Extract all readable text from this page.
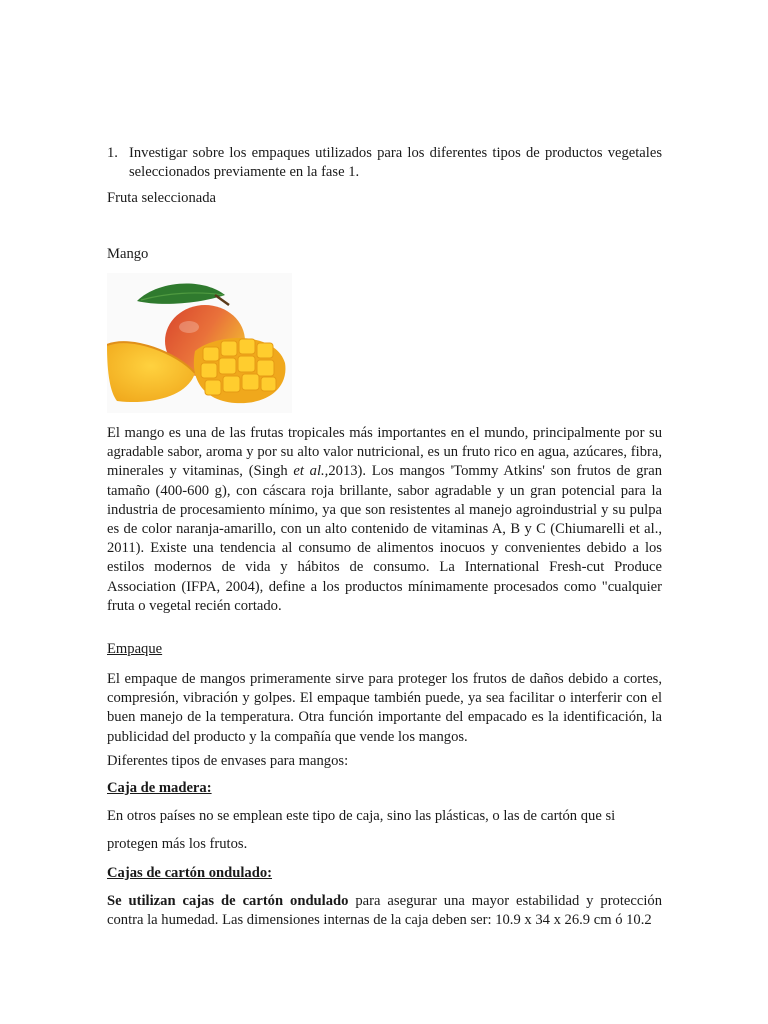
1. Investigar sobre los empaques utilizados para los diferentes tipos de productos vegetales seleccionados previamente en la fase 1.
Fruta seleccionada
Mango
El mango es una de las frutas tropicales más importantes en el mundo, principalmente por su agradable sabor, aroma y por su alto valor nutricional, es un fruto rico en agua, azúcares, fibra, minerales y vitaminas, (Singh et al.,2013). Los mangos 'Tommy Atkins' son frutos de gran tamaño (400-600 g), con cáscara roja brillante, sabor agradable y un gran potencial para la industria de procesamiento mínimo, ya que son resistentes al manejo agroindustrial y su pulpa es de color naranja-amarillo, con un alto contenido de vitaminas A, B y C (Chiumarelli et al., 2011). Existe una tendencia al consumo de alimentos inocuos y convenientes debido a los estilos modernos de vida y hábitos de consumo. La International Fresh-cut Produce Association (IFPA, 2004), define a los productos mínimamente procesados como "cualquier fruta o vegetal recién cortado.
Empaque
El empaque de mangos primeramente sirve para proteger los frutos de daños debido a cortes, compresión, vibración y golpes. El empaque también puede, ya sea facilitar o interferir con el buen manejo de la temperatura. Otra función importante del empacado es la identificación, la publicidad del producto y la compañía que vende los mangos.
Diferentes tipos de envases para mangos:
Caja de madera:
En otros países no se emplean este tipo de caja, sino las plásticas, o las de cartón que si
protegen más los frutos.
Cajas de cartón ondulado:
Se utilizan cajas de cartón ondulado para asegurar una mayor estabilidad y protección contra la humedad. Las dimensiones internas de la caja deben ser: 10.9 x 34 x 26.9 cm ó 10.2
